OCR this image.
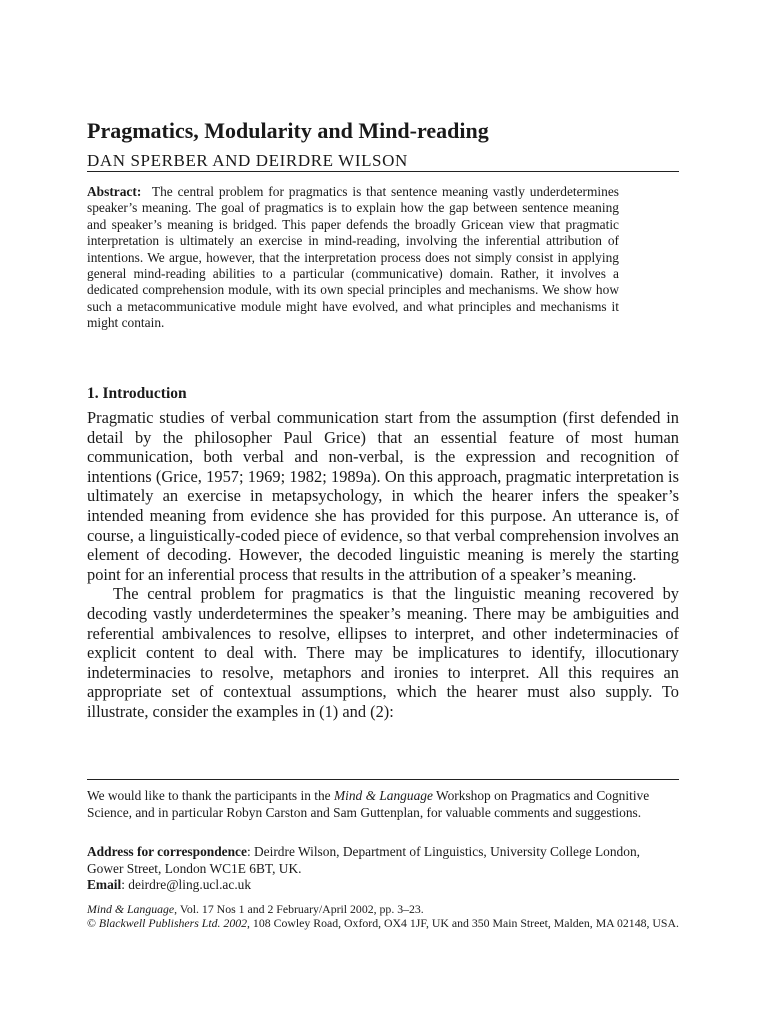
Pragmatics, Modularity and Mind-reading
DAN SPERBER AND DEIRDRE WILSON

Abstract: The central problem for pragmatics is that sentence meaning vastly underdetermines speaker’s meaning. The goal of pragmatics is to explain how the gap between sentence meaning and speaker’s meaning is bridged. This paper defends the broadly Gricean view that pragmatic interpretation is ultimately an exercise in mind-reading, involving the inferential attribution of intentions. We argue, however, that the interpretation process does not simply consist in applying general mind-reading abilities to a particular (communicative) domain. Rather, it involves a dedicated comprehension module, with its own special principles and mechanisms. We show how such a metacommunicative module might have evolved, and what principles and mechanisms it might contain.

1. Introduction

Pragmatic studies of verbal communication start from the assumption (first defended in detail by the philosopher Paul Grice) that an essential feature of most human communication, both verbal and non-verbal, is the expression and recognition of intentions (Grice, 1957; 1969; 1982; 1989a). On this approach, pragmatic interpretation is ultimately an exercise in metapsychology, in which the hearer infers the speaker’s intended meaning from evidence she has provided for this purpose. An utterance is, of course, a linguistically-coded piece of evidence, so that verbal comprehension involves an element of decoding. However, the decoded linguistic meaning is merely the starting point for an inferential process that results in the attribution of a speaker’s meaning.

The central problem for pragmatics is that the linguistic meaning recovered by decoding vastly underdetermines the speaker’s meaning. There may be ambiguities and referential ambivalences to resolve, ellipses to interpret, and other indeterminacies of explicit content to deal with. There may be implicatures to identify, illocutionary indeterminacies to resolve, metaphors and ironies to interpret. All this requires an appropriate set of contextual assumptions, which the hearer must also supply. To illustrate, consider the examples in (1) and (2):

We would like to thank the participants in the Mind & Language Workshop on Pragmatics and Cognitive Science, and in particular Robyn Carston and Sam Guttenplan, for valuable comments and suggestions.

Address for correspondence: Deirdre Wilson, Department of Linguistics, University College London, Gower Street, London WC1E 6BT, UK.

Email: deirdre@ling.ucl.ac.uk

Mind & Language, Vol. 17 Nos 1 and 2 February/April 2002, pp. 3–23.

© Blackwell Publishers Ltd. 2002, 108 Cowley Road, Oxford, OX4 1JF, UK and 350 Main Street, Malden, MA 02148, USA.
